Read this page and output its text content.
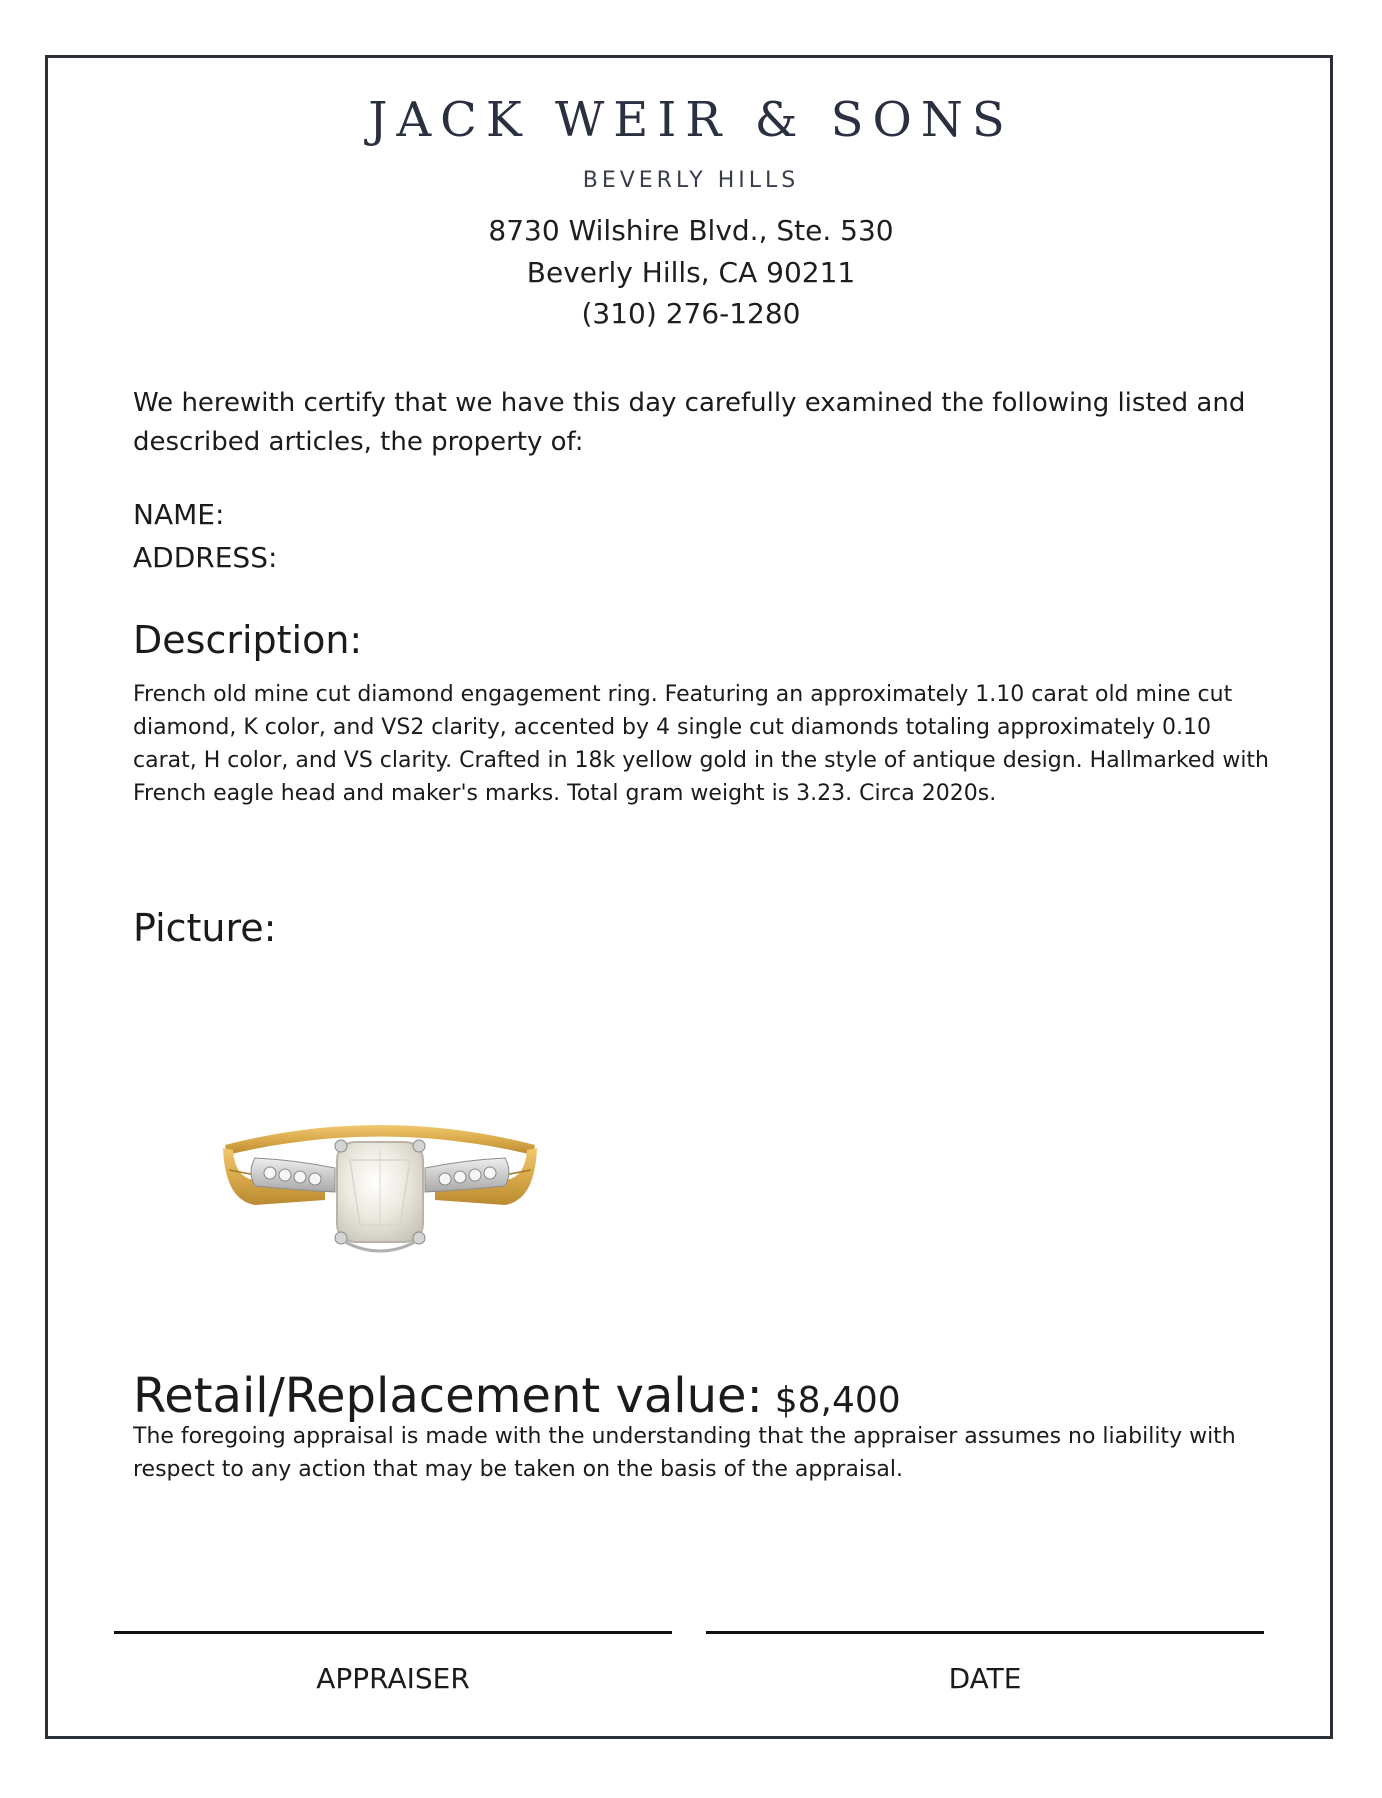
JACK WEIR & SONS
BEVERLY HILLS
8730 Wilshire Blvd., Ste. 530
Beverly Hills, CA 90211
(310) 276-1280
We herewith certify that we have this day carefully examined the following listed and described articles, the property of:
NAME:
ADDRESS:
Description:
French old mine cut diamond engagement ring. Featuring an approximately 1.10 carat old mine cut diamond, K color, and VS2 clarity, accented by 4 single cut diamonds totaling approximately 0.10 carat, H color, and VS clarity. Crafted in 18k yellow gold in the style of antique design. Hallmarked with French eagle head and maker's marks. Total gram weight is 3.23. Circa 2020s.
Picture:
Retail/Replacement value: $8,400
The foregoing appraisal is made with the understanding that the appraiser assumes no liability with respect to any action that may be taken on the basis of the appraisal.
APPRAISER	DATE
